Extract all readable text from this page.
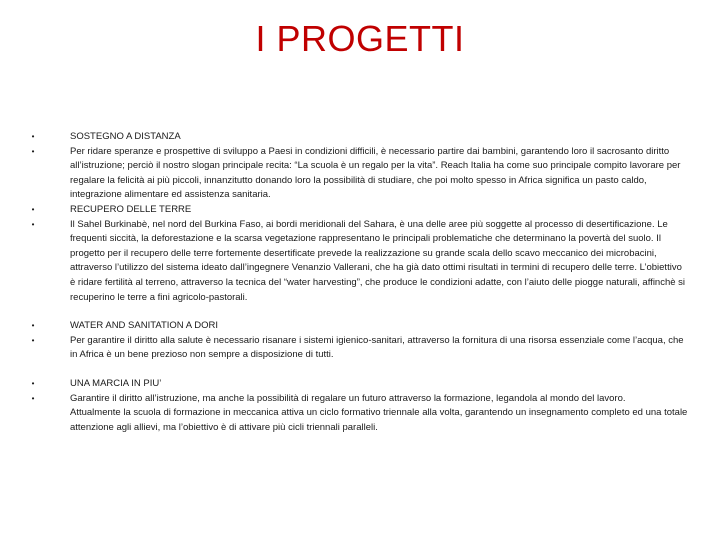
I PROGETTI
•	SOSTEGNO A DISTANZA
•	Per ridare speranze e prospettive di sviluppo a Paesi in condizioni difficili, è necessario partire dai bambini, garantendo loro il sacrosanto diritto all’istruzione; perciò il nostro slogan principale recita: “La scuola è un regalo per la vita”. Reach Italia ha come suo principale compito lavorare per regalare la felicità ai più piccoli, innanzitutto donando loro la possibilità di studiare, che poi molto spesso in Africa significa un pasto caldo, integrazione alimentare ed assistenza sanitaria.
•	RECUPERO DELLE TERRE
•	Il Sahel Burkinabè, nel nord del Burkina Faso, ai bordi meridionali del Sahara, è una delle aree più soggette al processo di desertificazione. Le frequenti siccità, la deforestazione e la scarsa vegetazione rappresentano le principali problematiche che determinano la povertà del suolo. Il progetto per il recupero delle terre fortemente desertificate prevede la realizzazione su grande scala dello scavo meccanico dei microbacini, attraverso l’utilizzo del sistema ideato dall’ingegnere Venanzio Vallerani, che ha già dato ottimi risultati in termini di recupero delle terre. L’obiettivo è ridare fertilità al terreno, attraverso la tecnica del “water harvesting”, che produce le condizioni adatte, con l’aiuto delle piogge naturali, affinchè si recuperino le terre a fini agricolo-pastorali.
•	WATER AND SANITATION A DORI
•	Per garantire il diritto alla salute è necessario risanare i sistemi igienico-sanitari, attraverso la fornitura di una risorsa essenziale come l’acqua, che in Africa è un bene prezioso non sempre a disposizione di tutti.
•	UNA MARCIA IN PIU’
•	Garantire il diritto all’istruzione, ma anche la possibilità di regalare un futuro attraverso la formazione, legandola al mondo del lavoro.
Attualmente la scuola di formazione in meccanica attiva un ciclo formativo triennale alla volta, garantendo un insegnamento completo ed una totale attenzione agli allievi, ma l’obiettivo è di attivare più cicli triennali paralleli.
